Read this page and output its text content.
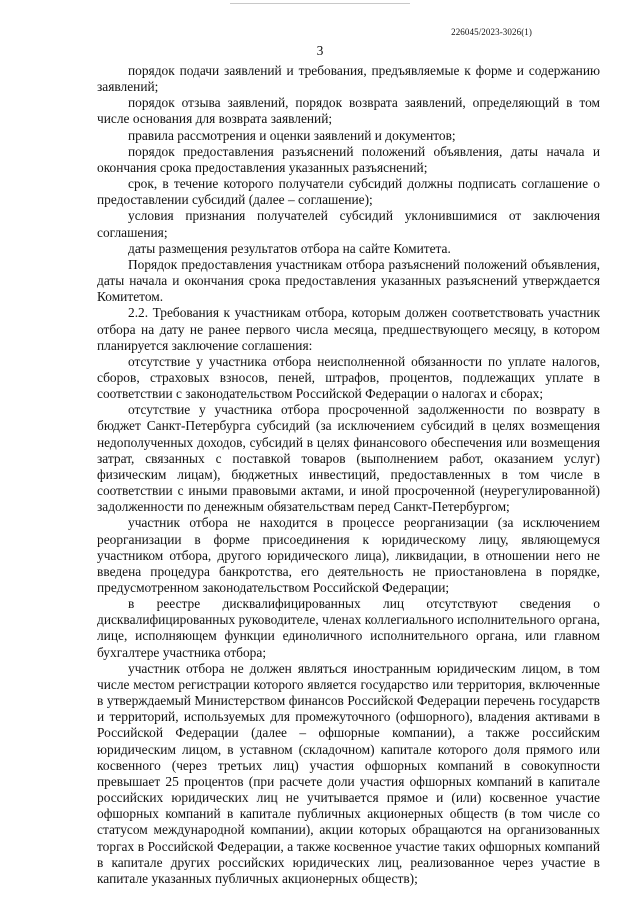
226045/2023-3026(1)
3

порядок подачи заявлений и требования, предъявляемые к форме и содержанию заявлений;

порядок отзыва заявлений, порядок возврата заявлений, определяющий в том числе основания для возврата заявлений;

правила рассмотрения и оценки заявлений и документов;

порядок предоставления разъяснений положений объявления, даты начала и окончания срока предоставления указанных разъяснений;

срок, в течение которого получатели субсидий должны подписать соглашение о предоставлении субсидий (далее – соглашение);

условия признания получателей субсидий уклонившимися от заключения соглашения;

даты размещения результатов отбора на сайте Комитета.

Порядок предоставления участникам отбора разъяснений положений объявления, даты начала и окончания срока предоставления указанных разъяснений утверждается Комитетом.

2.2. Требования к участникам отбора, которым должен соответствовать участник отбора на дату не ранее первого числа месяца, предшествующего месяцу, в котором планируется заключение соглашения:

отсутствие у участника отбора неисполненной обязанности по уплате налогов, сборов, страховых взносов, пеней, штрафов, процентов, подлежащих уплате в соответствии с законодательством Российской Федерации о налогах и сборах;

отсутствие у участника отбора просроченной задолженности по возврату в бюджет Санкт-Петербурга субсидий (за исключением субсидий в целях возмещения недополученных доходов, субсидий в целях финансового обеспечения или возмещения затрат, связанных с поставкой товаров (выполнением работ, оказанием услуг) физическим лицам), бюджетных инвестиций, предоставленных в том числе в соответствии с иными правовыми актами, и иной просроченной (неурегулированной) задолженности по денежным обязательствам перед Санкт-Петербургом;

участник отбора не находится в процессе реорганизации (за исключением реорганизации в форме присоединения к юридическому лицу, являющемуся участником отбора, другого юридического лица), ликвидации, в отношении него не введена процедура банкротства, его деятельность не приостановлена в порядке, предусмотренном законодательством Российской Федерации;

в реестре дисквалифицированных лиц отсутствуют сведения о дисквалифицированных руководителе, членах коллегиального исполнительного органа, лице, исполняющем функции единоличного исполнительного органа, или главном бухгалтере участника отбора;

участник отбора не должен являться иностранным юридическим лицом, в том числе местом регистрации которого является государство или территория, включенные в утверждаемый Министерством финансов Российской Федерации перечень государств и территорий, используемых для промежуточного (офшорного), владения активами в Российской Федерации (далее – офшорные компании), а также российским юридическим лицом, в уставном (складочном) капитале которого доля прямого или косвенного (через третьих лиц) участия офшорных компаний в совокупности превышает 25 процентов (при расчете доли участия офшорных компаний в капитале российских юридических лиц не учитывается прямое и (или) косвенное участие офшорных компаний в капитале публичных акционерных обществ (в том числе со статусом международной компании), акции которых обращаются на организованных торгах в Российской Федерации, а также косвенное участие таких офшорных компаний в капитале других российских юридических лиц, реализованное через участие в капитале указанных публичных акционерных обществ);
